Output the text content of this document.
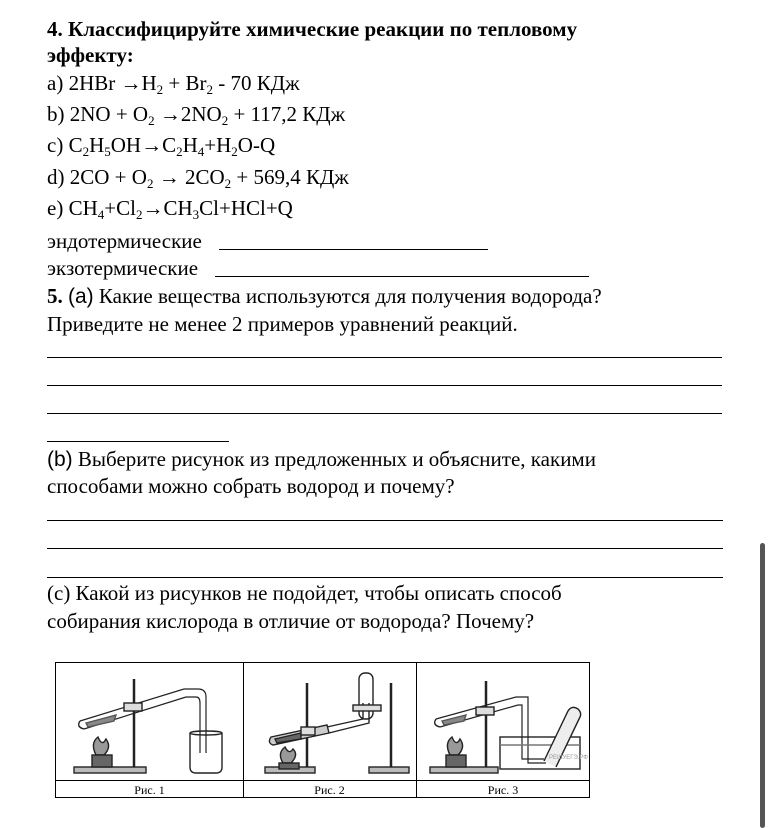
4. Классифицируйте химические реакции по тепловому
эффекту:
а) $2HBr \to H_2 + Br_2 - 70$ КДж
b) $2NO + O_2 \to 2NO_2 + 117,2$ КДж
c) $C_2H_5OH\to C_2H_4+H_2O-Q$
d) $2CO + O_2 \to 2CO_2 + 569,4$ КДж
e) $CH_4+Cl_2\to CH_3Cl+HCl+Q$
эндотермические
экзотермические
5. (а) Какие вещества используются для получения водорода?
Приведите не менее 2 примеров уравнений реакций.
(b) Выберите рисунок из предложенных и объясните, какими
способами можно собрать водород и почему?
(c) Какой из рисунков не подойдет, чтобы описать способ
собирания кислорода в отличие от водорода? Почему?
РЕШУЕГЭ.РФ
Рис. 1	Рис. 2	Рис. 3
